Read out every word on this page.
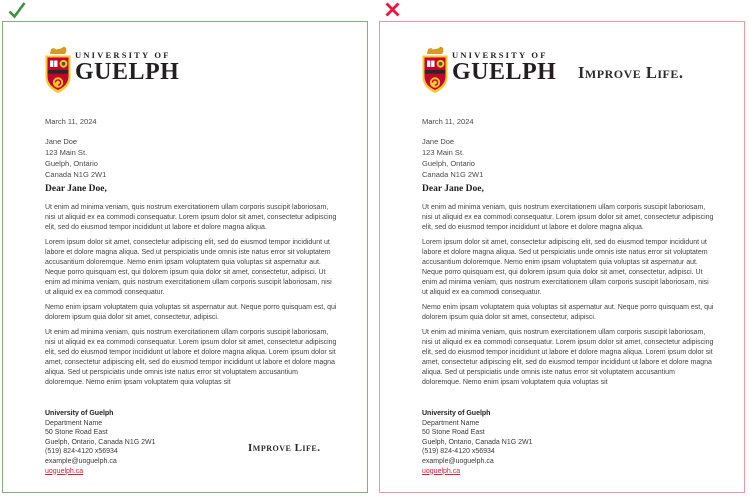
UNIVERSITY OF
GUELPH
March 11, 2024
Jane Doe
123 Main St.
Guelph, Ontario
Canada N1G 2W1
Dear Jane Doe,

Ut enim ad minima veniam, quis nostrum exercitationem ullam corporis suscipit laboriosam, nisi ut aliquid ex ea commodi consequatur. Lorem ipsum dolor sit amet, consectetur adipiscing elit, sed do eiusmod tempor incididunt ut labore et dolore magna aliqua.

Lorem ipsum dolor sit amet, consectetur adipiscing elit, sed do eiusmod tempor incididunt ut labore et dolore magna aliqua. Sed ut perspiciatis unde omnis iste natus error sit voluptatem accusantium doloremque. Nemo enim ipsam voluptatem quia voluptas sit aspernatur aut. Neque porro quisquam est, qui dolorem ipsum quia dolor sit amet, consectetur, adipisci. Ut enim ad minima veniam, quis nostrum exercitationem ullam corporis suscipit laboriosam, nisi ut aliquid ex ea commodi consequatur.

Nemo enim ipsam voluptatem quia voluptas sit aspernatur aut. Neque porro quisquam est, qui dolorem ipsum quia dolor sit amet, consectetur, adipisci.

Ut enim ad minima veniam, quis nostrum exercitationem ullam corporis suscipit laboriosam, nisi ut aliquid ex ea commodi consequatur. Lorem ipsum dolor sit amet, consectetur adipiscing elit, sed do eiusmod tempor incididunt ut labore et dolore magna aliqua. Lorem ipsum dolor sit amet, consectetur adipiscing elit, sed do eiusmod tempor incididunt ut labore et dolore magna aliqua. Sed ut perspiciatis unde omnis iste natus error sit voluptatem accusantium doloremque. Nemo enim ipsam voluptatem quia voluptas sit

University of Guelph
Department Name
50 Stone Road East
Guelph, Ontario, Canada N1G 2W1
(519) 824-4120 x56934
example@uoguelph.ca
uoguelph.ca
Improve Life.
UNIVERSITY OF
GUELPH Improve Life.
March 11, 2024
Jane Doe
123 Main St.
Guelph, Ontario
Canada N1G 2W1
Dear Jane Doe,

Ut enim ad minima veniam, quis nostrum exercitationem ullam corporis suscipit laboriosam, nisi ut aliquid ex ea commodi consequatur. Lorem ipsum dolor sit amet, consectetur adipiscing elit, sed do eiusmod tempor incididunt ut labore et dolore magna aliqua.

Lorem ipsum dolor sit amet, consectetur adipiscing elit, sed do eiusmod tempor incididunt ut labore et dolore magna aliqua. Sed ut perspiciatis unde omnis iste natus error sit voluptatem accusantium doloremque. Nemo enim ipsam voluptatem quia voluptas sit aspernatur aut. Neque porro quisquam est, qui dolorem ipsum quia dolor sit amet, consectetur, adipisci. Ut enim ad minima veniam, quis nostrum exercitationem ullam corporis suscipit laboriosam, nisi ut aliquid ex ea commodi consequatur.

Nemo enim ipsam voluptatem quia voluptas sit aspernatur aut. Neque porro quisquam est, qui dolorem ipsum quia dolor sit amet, consectetur, adipisci.

Ut enim ad minima veniam, quis nostrum exercitationem ullam corporis suscipit laboriosam, nisi ut aliquid ex ea commodi consequatur. Lorem ipsum dolor sit amet, consectetur adipiscing elit, sed do eiusmod tempor incididunt ut labore et dolore magna aliqua. Lorem ipsum dolor sit amet, consectetur adipiscing elit, sed do eiusmod tempor incididunt ut labore et dolore magna aliqua. Sed ut perspiciatis unde omnis iste natus error sit voluptatem accusantium doloremque. Nemo enim ipsam voluptatem quia voluptas sit

University of Guelph
Department Name
50 Stone Road East
Guelph, Ontario, Canada N1G 2W1
(519) 824-4120 x56934
example@uoguelph.ca
uoguelph.ca
